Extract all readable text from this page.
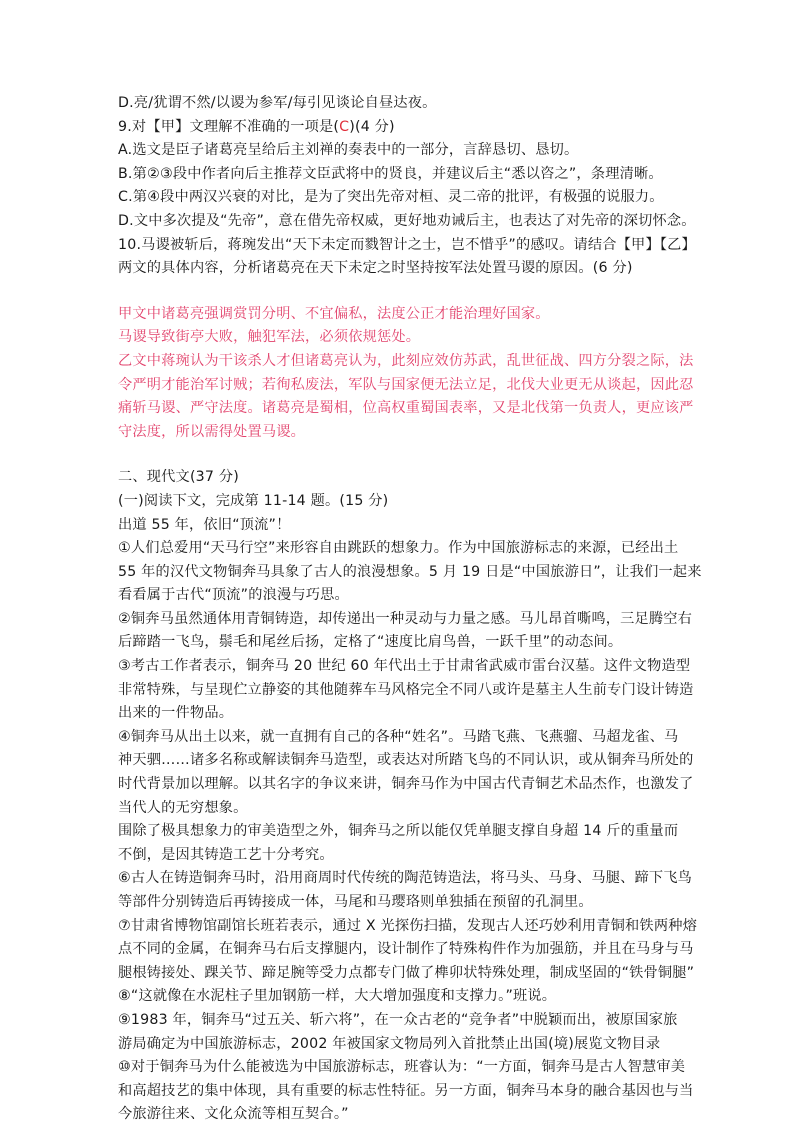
D.亮/犹谓不然/以谡为参军/每引见谈论自昼达夜。
9.对【甲】文理解不准确的一项是(C)(4 分)
A.选文是臣子诸葛亮呈给后主刘禅的奏表中的一部分，言辞恳切、恳切。
B.第②③段中作者向后主推荐文臣武将中的贤良，并建议后主“悉以咨之”，条理清晰。
C.第④段中两汉兴衰的对比，是为了突出先帝对桓、灵二帝的批评，有极强的说服力。
D.文中多次提及“先帝”，意在借先帝权威，更好地劝诫后主，也表达了对先帝的深切怀念。
10.马谡被斩后，蒋琬发出“天下未定而戮智计之士，岂不惜乎”的感叹。请结合【甲】【乙】
两文的具体内容，分析诸葛亮在天下未定之时坚持按军法处置马谡的原因。(6 分)
甲文中诸葛亮强调赏罚分明、不宜偏私，法度公正才能治理好国家。
马谡导致街亭大败，触犯军法，必须依规惩处。
乙文中蒋琬认为干该杀人才但诸葛亮认为，此刻应效仿苏武，乱世征战、四方分裂之际，法
令严明才能治军讨贼；若徇私废法，军队与国家便无法立足，北伐大业更无从谈起，因此忍
痛斩马谡、严守法度。诸葛亮是蜀相，位高权重蜀国表率，又是北伐第一负责人，更应该严
守法度，所以需得处置马谡。
二、现代文(37 分)
(一)阅读下文，完成第 11-14 题。(15 分)
出道 55 年，依旧“顶流”！
①人们总爱用“天马行空”来形容自由跳跃的想象力。作为中国旅游标志的来源，已经出土
55 年的汉代文物铜奔马具象了古人的浪漫想象。5 月 19 日是“中国旅游日”，让我们一起来
看看属于古代“顶流”的浪漫与巧思。
②铜奔马虽然通体用青铜铸造，却传递出一种灵动与力量之感。马儿昂首嘶鸣，三足腾空右
后蹄踏一飞鸟，鬃毛和尾丝后扬，定格了“速度比肩鸟兽，一跃千里”的动态间。
③考古工作者表示，铜奔马 20 世纪 60 年代出土于甘肃省武威市雷台汉墓。这件文物造型
非常特殊，与呈现伫立静姿的其他随葬车马风格完全不同八或许是墓主人生前专门设计铸造
出来的一件物品。
④铜奔马从出土以来，就一直拥有自己的各种“姓名”。马踏飞燕、飞燕骝、马超龙雀、马
神天驷……诸多名称或解读铜奔马造型，或表达对所踏飞鸟的不同认识，或从铜奔马所处的
时代背景加以理解。以其名字的争议来讲，铜奔马作为中国古代青铜艺术品杰作，也激发了
当代人的无穷想象。
围除了极具想象力的审美造型之外，铜奔马之所以能仅凭单腿支撑自身超 14 斤的重量而
不倒，是因其铸造工艺十分考究。
⑥古人在铸造铜奔马时，沿用商周时代传统的陶范铸造法，将马头、马身、马腿、蹄下飞鸟
等部件分别铸造后再铸接成一体，马尾和马璎珞则单独插在预留的孔洞里。
⑦甘肃省博物馆副馆长班若表示，通过 X 光探伤扫描，发现古人还巧妙利用青铜和铁两种熔
点不同的金属，在铜奔马右后支撑腿内，设计制作了特殊构件作为加强筋，并且在马身与马
腿根铸接处、踝关节、蹄足腕等受力点都专门做了榫卯状特殊处理，制成坚固的“铁骨铜腿”
⑧“这就像在水泥柱子里加钢筋一样，大大增加强度和支撑力。”班说。
⑨1983 年，铜奔马“过五关、斩六将”，在一众古老的“竞争者”中脱颖而出，被原国家旅
游局确定为中国旅游标志，2002 年被国家文物局列入首批禁止出国(境)展览文物目录
⑩对于铜奔马为什么能被选为中国旅游标志，班睿认为：“一方面，铜奔马是古人智慧审美
和高超技艺的集中体现，具有重要的标志性特征。另一方面，铜奔马本身的融合基因也与当
今旅游往来、文化众流等相互契合。”
